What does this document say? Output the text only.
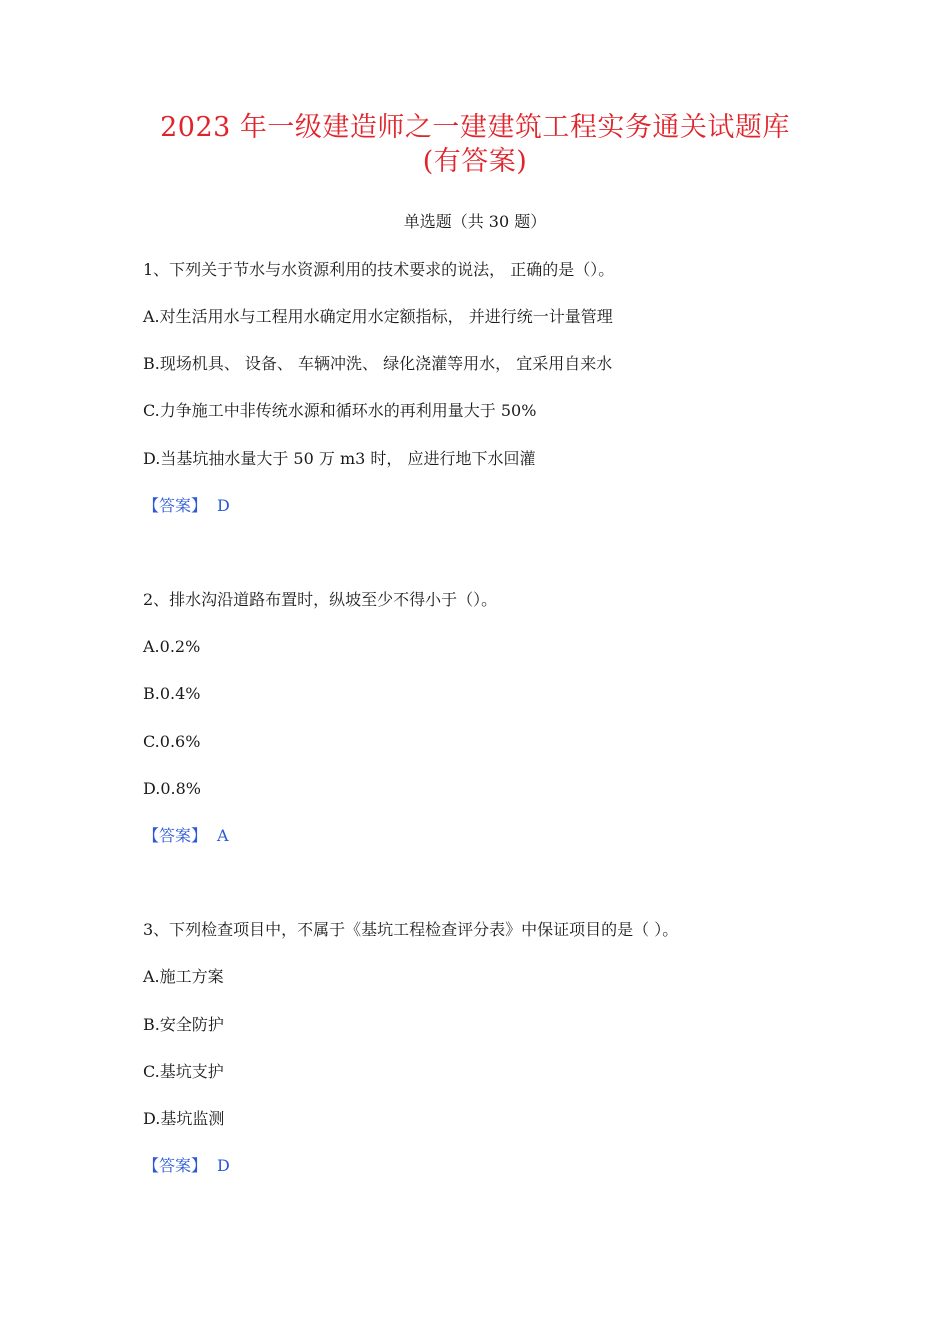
2023 年一级建造师之一建建筑工程实务通关试题库
(有答案)
单选题（共 30 题）
1、下列关于节水与水资源利用的技术要求的说法， 正确的是（）。
A.对生活用水与工程用水确定用水定额指标， 并进行统一计量管理
B.现场机具、 设备、 车辆冲洗、 绿化浇灌等用水， 宜采用自来水
C.力争施工中非传统水源和循环水的再利用量大于 50%
D.当基坑抽水量大于 50 万 m3 时， 应进行地下水回灌
【答案】 D
2、排水沟沿道路布置时，纵坡至少不得小于（）。
A.0.2%
B.0.4%
C.0.6%
D.0.8%
【答案】 A
3、下列检查项目中，不属于《基坑工程检查评分表》中保证项目的是（ ）。
A.施工方案
B.安全防护
C.基坑支护
D.基坑监测
【答案】 D
